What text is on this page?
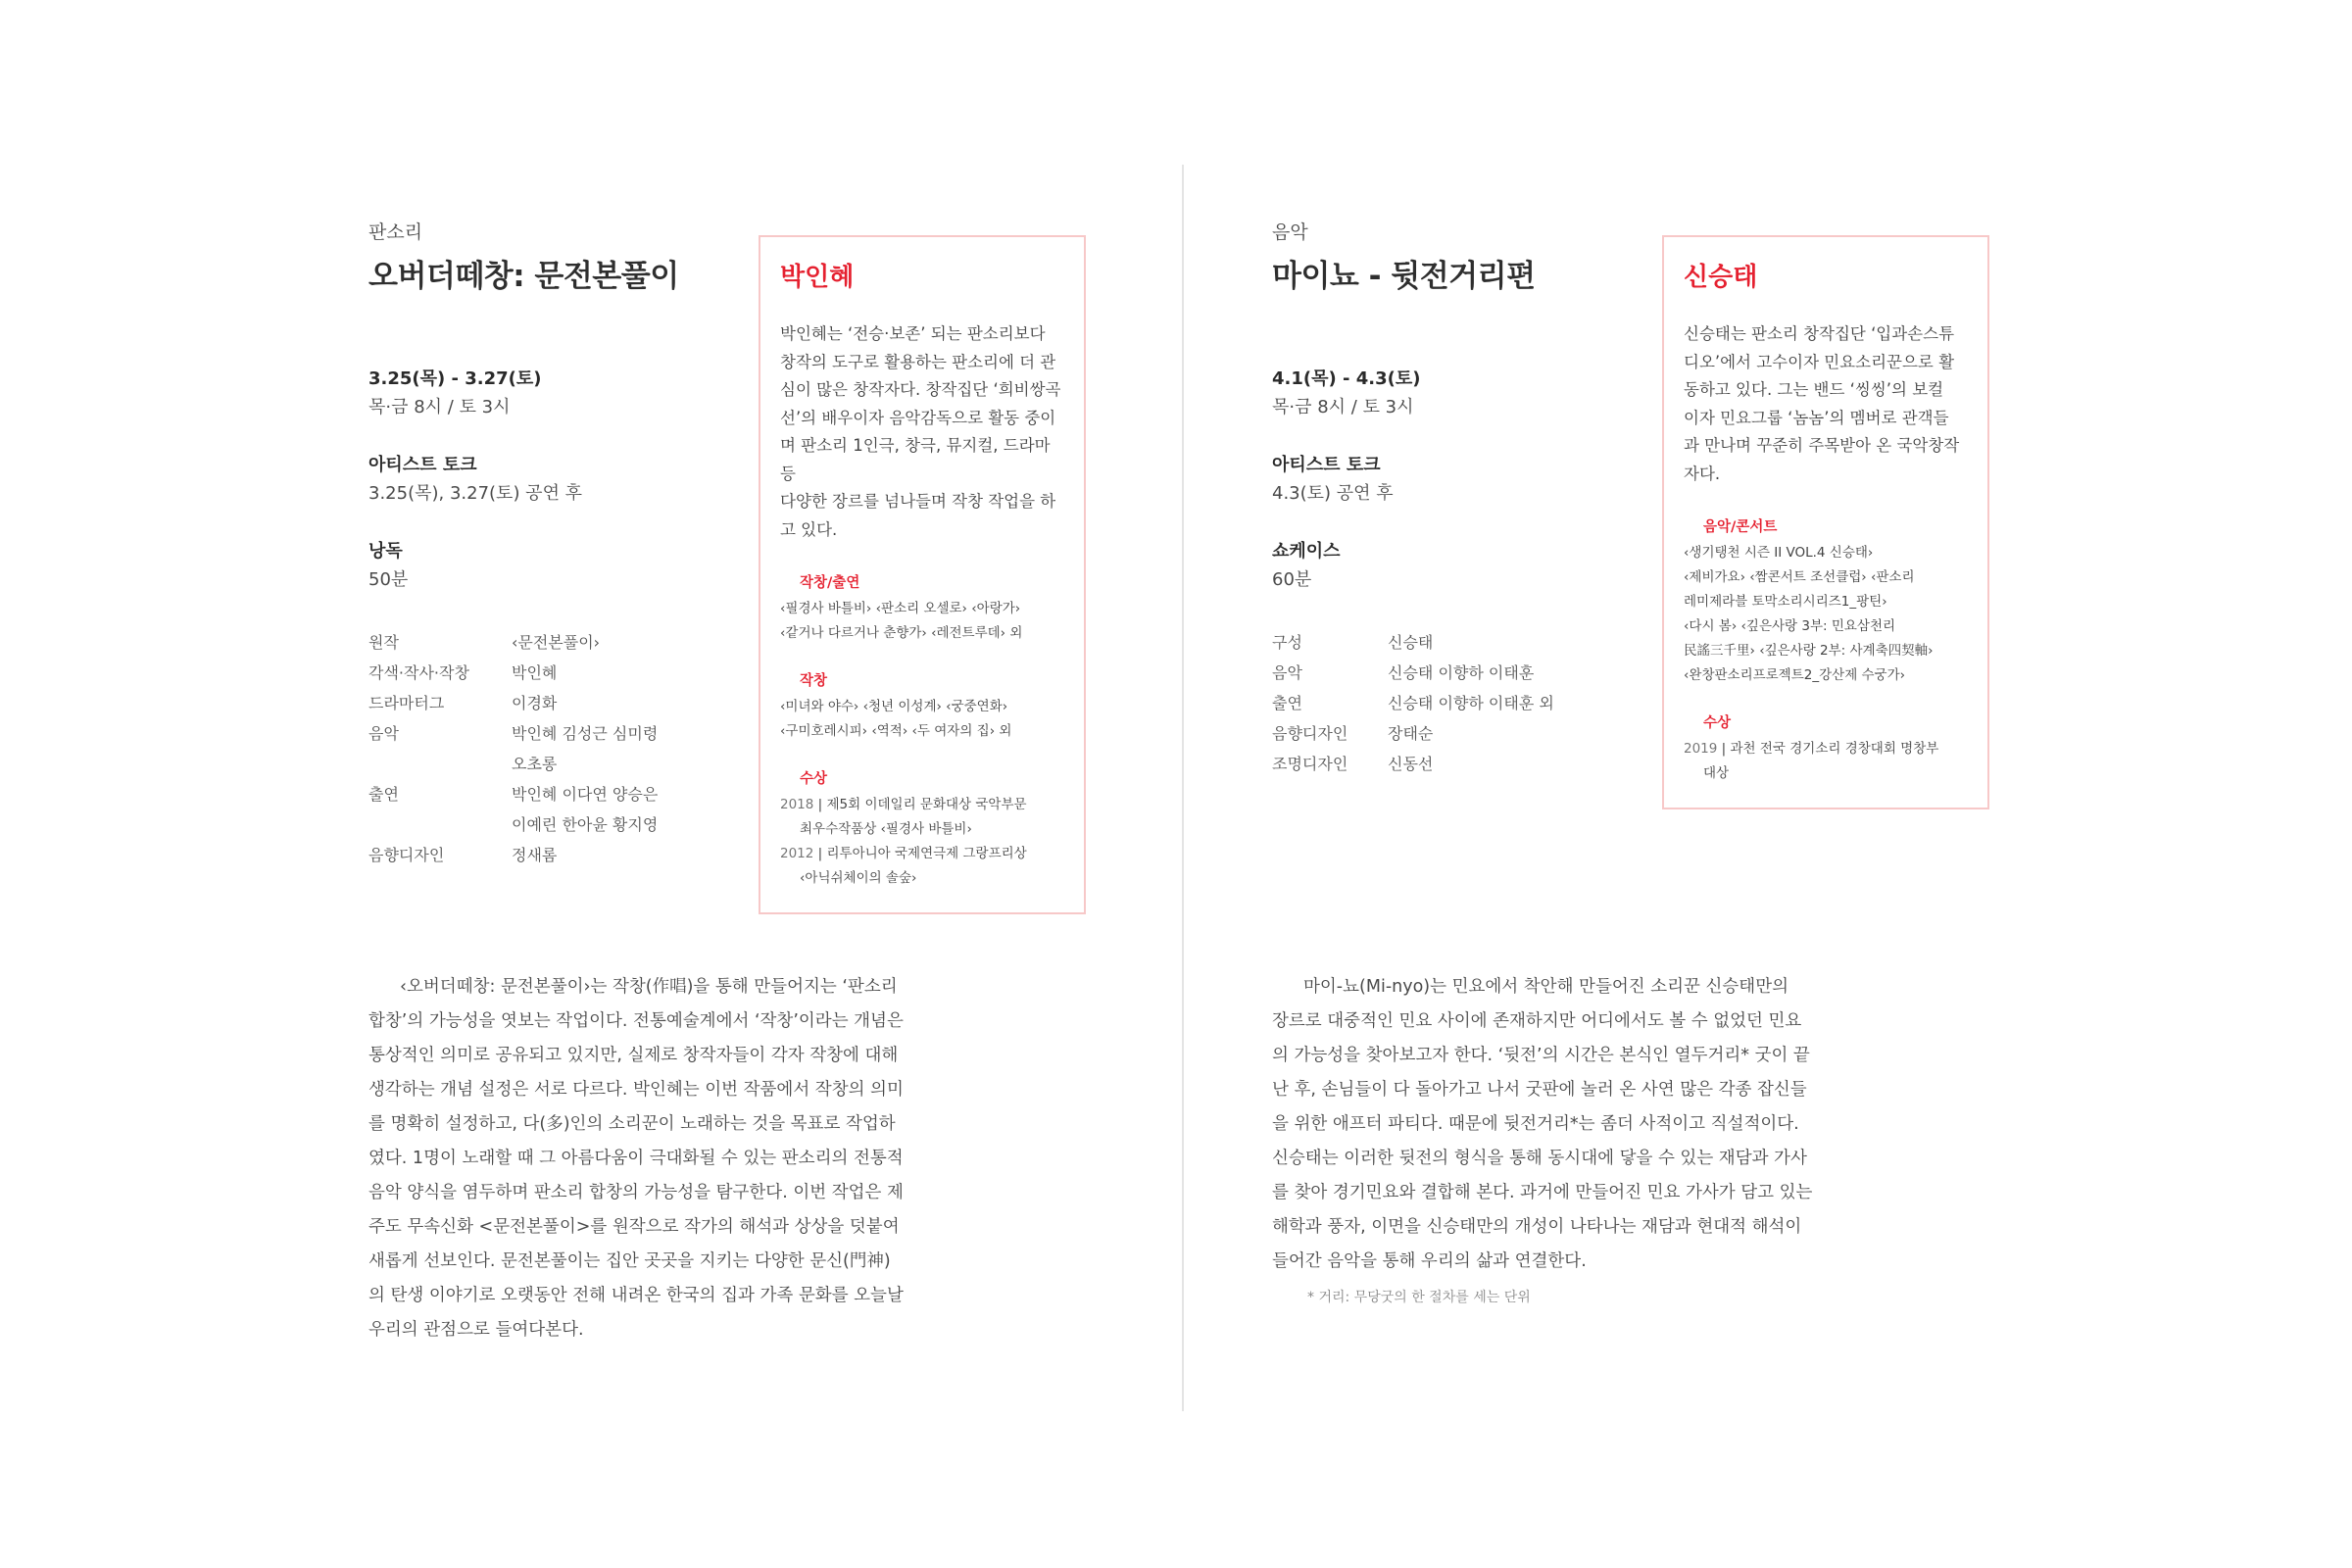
판소리
오버더떼창: 문전본풀이
3.25(목) - 3.27(토)
목·금 8시 / 토 3시
아티스트 토크
3.25(목), 3.27(토) 공연 후
낭독
50분
원작	‹문전본풀이›
각색·작사·작창	박인혜
드라마터그	이경화
음악	박인혜 김성근 심미령
오초롱
출연	박인혜 이다연 양승은
이예린 한아윤 황지영
음향디자인	정새롬
박인혜
박인혜는 ‘전승·보존’ 되는 판소리보다
창작의 도구로 활용하는 판소리에 더 관
심이 많은 창작자다. 창작집단 ‘희비쌍곡
선’의 배우이자 음악감독으로 활동 중이
며 판소리 1인극, 창극, 뮤지컬, 드라마 등
다양한 장르를 넘나들며 작창 작업을 하
고 있다.
작창/출연
‹필경사 바틀비› ‹판소리 오셀로› ‹아랑가›
‹같거나 다르거나 춘향가› ‹레전트루데› 외
작창
‹미녀와 야수› ‹청년 이성계› ‹궁중연화›
‹구미호레시피› ‹역적› ‹두 여자의 집› 외
수상
2018 | 제5회 이데일리 문화대상 국악부문
최우수작품상 ‹필경사 바틀비›
2012 | 리투아니아 국제연극제 그랑프리상
‹아닉쉬체이의 솔숲›
‹오버더떼창: 문전본풀이›는 작창(作唱)을 통해 만들어지는 ‘판소리
합창’의 가능성을 엿보는 작업이다. 전통예술계에서 ‘작창’이라는 개념은
통상적인 의미로 공유되고 있지만, 실제로 창작자들이 각자 작창에 대해
생각하는 개념 설정은 서로 다르다. 박인혜는 이번 작품에서 작창의 의미
를 명확히 설정하고, 다(多)인의 소리꾼이 노래하는 것을 목표로 작업하
였다. 1명이 노래할 때 그 아름다움이 극대화될 수 있는 판소리의 전통적
음악 양식을 염두하며 판소리 합창의 가능성을 탐구한다. 이번 작업은 제
주도 무속신화 <문전본풀이>를 원작으로 작가의 해석과 상상을 덧붙여
새롭게 선보인다. 문전본풀이는 집안 곳곳을 지키는 다양한 문신(門神)
의 탄생 이야기로 오랫동안 전해 내려온 한국의 집과 가족 문화를 오늘날
우리의 관점으로 들여다본다.
음악
마이뇨 - 뒷전거리편
4.1(목) - 4.3(토)
목·금 8시 / 토 3시
아티스트 토크
4.3(토) 공연 후
쇼케이스
60분
구성	신승태
음악	신승태 이향하 이태훈
출연	신승태 이향하 이태훈 외
음향디자인	장태순
조명디자인	신동선
신승태
신승태는 판소리 창작집단 ‘입과손스튜
디오’에서 고수이자 민요소리꾼으로 활
동하고 있다. 그는 밴드 ‘씽씽’의 보컬
이자 민요그룹 ‘놈놈’의 멤버로 관객들
과 만나며 꾸준히 주목받아 온 국악창작
자다.
음악/콘서트
‹생기탱천 시즌 II VOL.4 신승태›
‹제비가요› ‹짬콘서트 조선클럽› ‹판소리
레미제라블 토막소리시리즈1_팡틴›
‹다시 봄› ‹깊은사랑 3부: 민요삼천리
民謠三千里› ‹깊은사랑 2부: 사계축四契軸›
‹완창판소리프로젝트2_강산제 수궁가›
수상
2019 | 과천 전국 경기소리 경창대회 명창부
대상
마이-뇨(Mi-nyo)는 민요에서 착안해 만들어진 소리꾼 신승태만의
장르로 대중적인 민요 사이에 존재하지만 어디에서도 볼 수 없었던 민요
의 가능성을 찾아보고자 한다. ‘뒷전’의 시간은 본식인 열두거리* 굿이 끝
난 후, 손님들이 다 돌아가고 나서 굿판에 놀러 온 사연 많은 각종 잡신들
을 위한 애프터 파티다. 때문에 뒷전거리*는 좀더 사적이고 직설적이다.
신승태는 이러한 뒷전의 형식을 통해 동시대에 닿을 수 있는 재담과 가사
를 찾아 경기민요와 결합해 본다. 과거에 만들어진 민요 가사가 담고 있는
해학과 풍자, 이면을 신승태만의 개성이 나타나는 재담과 현대적 해석이
들어간 음악을 통해 우리의 삶과 연결한다.
* 거리: 무당굿의 한 절차를 세는 단위
